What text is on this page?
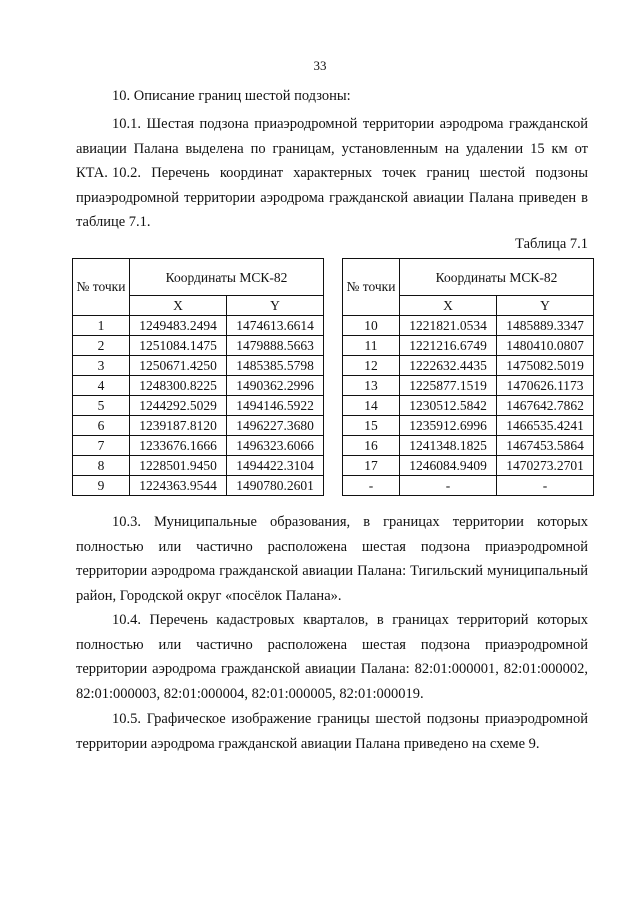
33

10. Описание границ шестой подзоны:

10.1. Шестая подзона приаэродромной территории аэродрома гражданской авиации Палана выделена по границам, установленным на удалении 15 км от КТА. 10.2. Перечень координат характерных точек границ шестой подзоны приаэродромной территории аэродрома гражданской авиации Палана приведен в таблице 7.1.

Таблица 7.1
№ точки	Координаты МСК-82	
	X	Y
1	1249483.2494	1474613.6614
2	1251084.1475	1479888.5663
3	1250671.4250	1485385.5798
4	1248300.8225	1490362.2996
5	1244292.5029	1494146.5922
6	1239187.8120	1496227.3680
7	1233676.1666	1496323.6066
8	1228501.9450	1494422.3104
9	1224363.9544	1490780.2601
№ точки	Координаты МСК-82	
	X	Y
10	1221821.0534	1485889.3347
11	1221216.6749	1480410.0807
12	1222632.4435	1475082.5019
13	1225877.1519	1470626.1173
14	1230512.5842	1467642.7862
15	1235912.6996	1466535.4241
16	1241348.1825	1467453.5864
17	1246084.9409	1470273.2701
-	-	-

10.3. Муниципальные образования, в границах территории которых полностью или частично расположена шестая подзона приаэродромной территории аэродрома гражданской авиации Палана: Тигильский муниципальный район, Городской округ «посёлок Палана».

10.4. Перечень кадастровых кварталов, в границах территорий которых полностью или частично расположена шестая подзона приаэродромной территории аэродрома гражданской авиации Палана: 82:01:000001, 82:01:000002, 82:01:000003, 82:01:000004, 82:01:000005, 82:01:000019.

10.5. Графическое изображение границы шестой подзоны приаэродромной территории аэродрома гражданской авиации Палана приведено на схеме 9.
